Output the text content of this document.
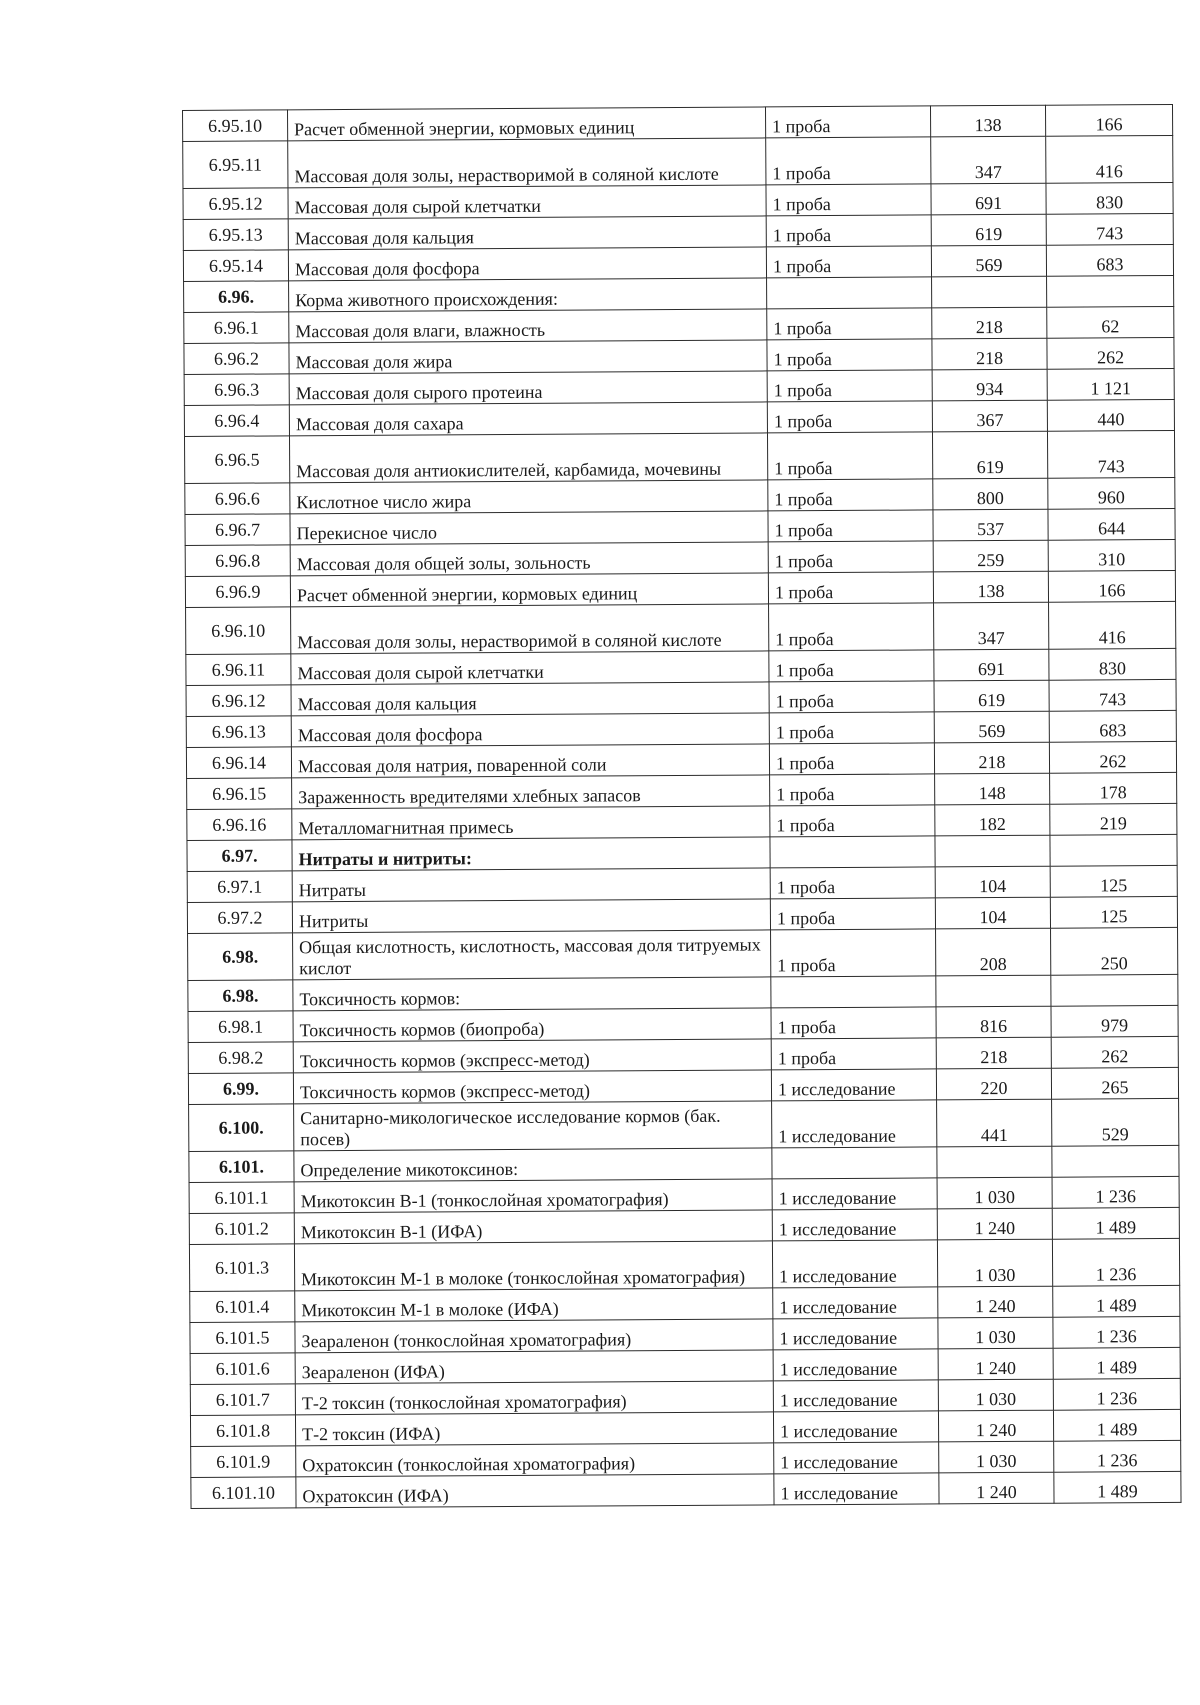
6.95.10	Расчет обменной энергии, кормовых единиц	1 проба	138	166
6.95.11	Массовая доля золы, нерастворимой в соляной кислоте	1 проба	347	416
6.95.12	Массовая доля сырой клетчатки	1 проба	691	830
6.95.13	Массовая доля кальция	1 проба	619	743
6.95.14	Массовая доля фосфора	1 проба	569	683
6.96.	Корма животного происхождения:			
6.96.1	Массовая доля влаги, влажность	1 проба	218	62
6.96.2	Массовая доля жира	1 проба	218	262
6.96.3	Массовая доля сырого протеина	1 проба	934	1 121
6.96.4	Массовая доля сахара	1 проба	367	440
6.96.5	Массовая доля антиокислителей, карбамида, мочевины	1 проба	619	743
6.96.6	Кислотное число жира	1 проба	800	960
6.96.7	Перекисное число	1 проба	537	644
6.96.8	Массовая доля общей золы, зольность	1 проба	259	310
6.96.9	Расчет обменной энергии, кормовых единиц	1 проба	138	166
6.96.10	Массовая доля золы, нерастворимой в соляной кислоте	1 проба	347	416
6.96.11	Массовая доля сырой клетчатки	1 проба	691	830
6.96.12	Массовая доля кальция	1 проба	619	743
6.96.13	Массовая доля фосфора	1 проба	569	683
6.96.14	Массовая доля натрия, поваренной соли	1 проба	218	262
6.96.15	Зараженность вредителями хлебных запасов	1 проба	148	178
6.96.16	Металломагнитная примесь	1 проба	182	219
6.97.	Нитраты и нитриты:			
6.97.1	Нитраты	1 проба	104	125
6.97.2	Нитриты	1 проба	104	125
6.98.	Общая кислотность, кислотность, массовая доля титруемых кислот	1 проба	208	250
6.98.	Токсичность кормов:			
6.98.1	Токсичность кормов (биопроба)	1 проба	816	979
6.98.2	Токсичность кормов (экспресс-метод)	1 проба	218	262
6.99.	Токсичность кормов (экспресс-метод)	1 исследование	220	265
6.100.	Санитарно-микологическое исследование кормов (бак. посев)	1 исследование	441	529
6.101.	Определение микотоксинов:			
6.101.1	Микотоксин В-1 (тонкослойная хроматография)	1 исследование	1 030	1 236
6.101.2	Микотоксин В-1 (ИФА)	1 исследование	1 240	1 489
6.101.3	Микотоксин М-1 в молоке (тонкослойная хроматография)	1 исследование	1 030	1 236
6.101.4	Микотоксин М-1 в молоке (ИФА)	1 исследование	1 240	1 489
6.101.5	Зеараленон (тонкослойная хроматография)	1 исследование	1 030	1 236
6.101.6	Зеараленон (ИФА)	1 исследование	1 240	1 489
6.101.7	Т-2 токсин (тонкослойная хроматография)	1 исследование	1 030	1 236
6.101.8	Т-2 токсин (ИФА)	1 исследование	1 240	1 489
6.101.9	Охратоксин (тонкослойная хроматография)	1 исследование	1 030	1 236
6.101.10	Охратоксин (ИФА)	1 исследование	1 240	1 489
